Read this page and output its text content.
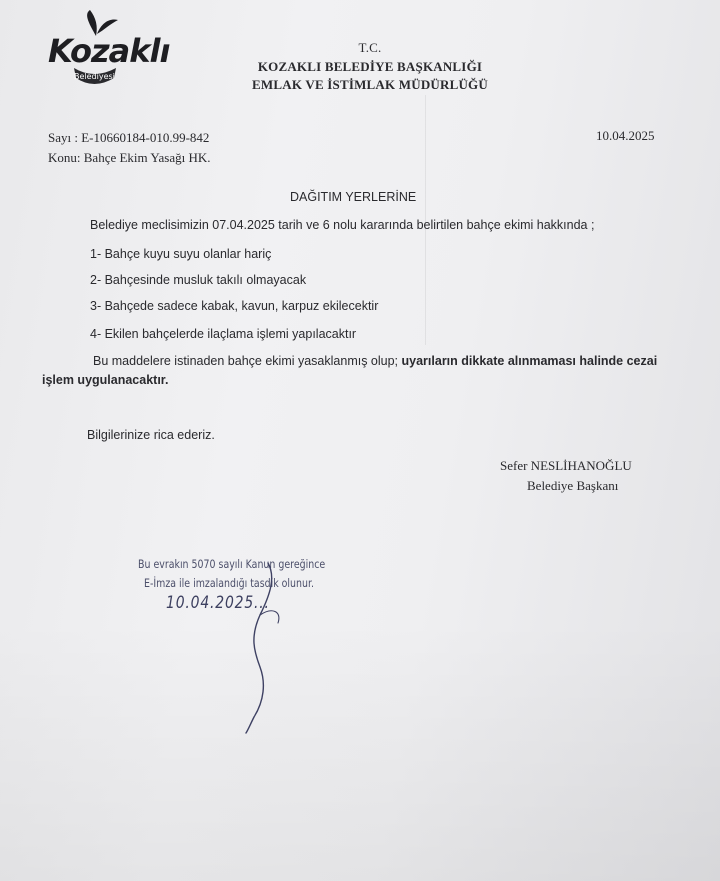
Kozaklı
Belediyesi
T.C.
KOZAKLI BELEDİYE BAŞKANLIĞI
EMLAK VE İSTİMLAK MÜDÜRLÜĞÜ
Sayı : E-10660184-010.99-842
Konu: Bahçe Ekim Yasağı HK.
10.04.2025
DAĞITIM YERLERİNE
Belediye meclisimizin 07.04.2025 tarih ve 6 nolu kararında belirtilen bahçe ekimi hakkında ;
1- Bahçe kuyu suyu olanlar hariç
2- Bahçesinde musluk takılı olmayacak
3- Bahçede sadece kabak, kavun, karpuz ekilecektir
4- Ekilen bahçelerde ilaçlama işlemi yapılacaktır
Bu maddelere istinaden bahçe ekimi yasaklanmış olup; uyarıların dikkate alınmaması halinde cezai
işlem uygulanacaktır.
Bilgilerinize rica ederiz.
Sefer NESLİHANOĞLU
Belediye Başkanı
Bu evrakın 5070 sayılı Kanun gereğince
E-İmza ile imzalandığı tasdik olunur.
10.04.2025...
